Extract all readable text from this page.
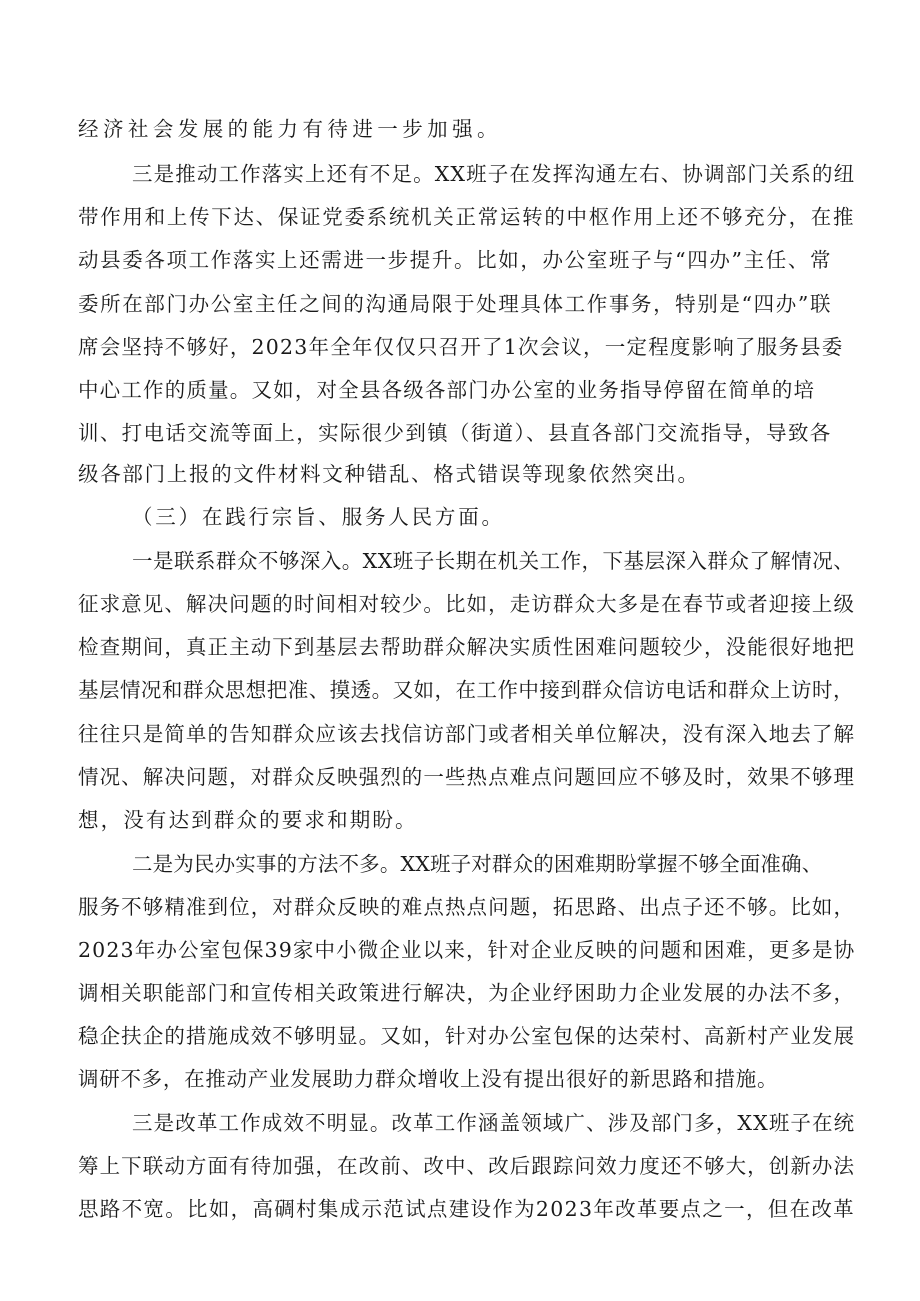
经济社会发展的能力有待进一步加强。
三是推动工作落实上还有不足。XX班子在发挥沟通左右、协调部门关系的纽
带作用和上传下达、保证党委系统机关正常运转的中枢作用上还不够充分，在推
动县委各项工作落实上还需进一步提升。比如，办公室班子与“四办”主任、常
委所在部门办公室主任之间的沟通局限于处理具体工作事务，特别是“四办”联
席会坚持不够好，2023年全年仅仅只召开了1次会议，一定程度影响了服务县委
中心工作的质量。又如，对全县各级各部门办公室的业务指导停留在简单的培
训、打电话交流等面上，实际很少到镇（街道）、县直各部门交流指导，导致各
级各部门上报的文件材料文种错乱、格式错误等现象依然突出。
（三）在践行宗旨、服务人民方面。
一是联系群众不够深入。XX班子长期在机关工作，下基层深入群众了解情况、
征求意见、解决问题的时间相对较少。比如，走访群众大多是在春节或者迎接上级
检查期间，真正主动下到基层去帮助群众解决实质性困难问题较少，没能很好地把
基层情况和群众思想把准、摸透。又如，在工作中接到群众信访电话和群众上访时，
往往只是简单的告知群众应该去找信访部门或者相关单位解决，没有深入地去了解
情况、解决问题，对群众反映强烈的一些热点难点问题回应不够及时，效果不够理
想，没有达到群众的要求和期盼。
二是为民办实事的方法不多。XX班子对群众的困难期盼掌握不够全面准确、
服务不够精准到位，对群众反映的难点热点问题，拓思路、出点子还不够。比如，
2023年办公室包保39家中小微企业以来，针对企业反映的问题和困难，更多是协
调相关职能部门和宣传相关政策进行解决，为企业纾困助力企业发展的办法不多，
稳企扶企的措施成效不够明显。又如，针对办公室包保的达荣村、高新村产业发展
调研不多，在推动产业发展助力群众增收上没有提出很好的新思路和措施。
三是改革工作成效不明显。改革工作涵盖领域广、涉及部门多，XX班子在统
筹上下联动方面有待加强，在改前、改中、改后跟踪问效力度还不够大，创新办法
思路不宽。比如，高碉村集成示范试点建设作为2023年改革要点之一，但在改革
